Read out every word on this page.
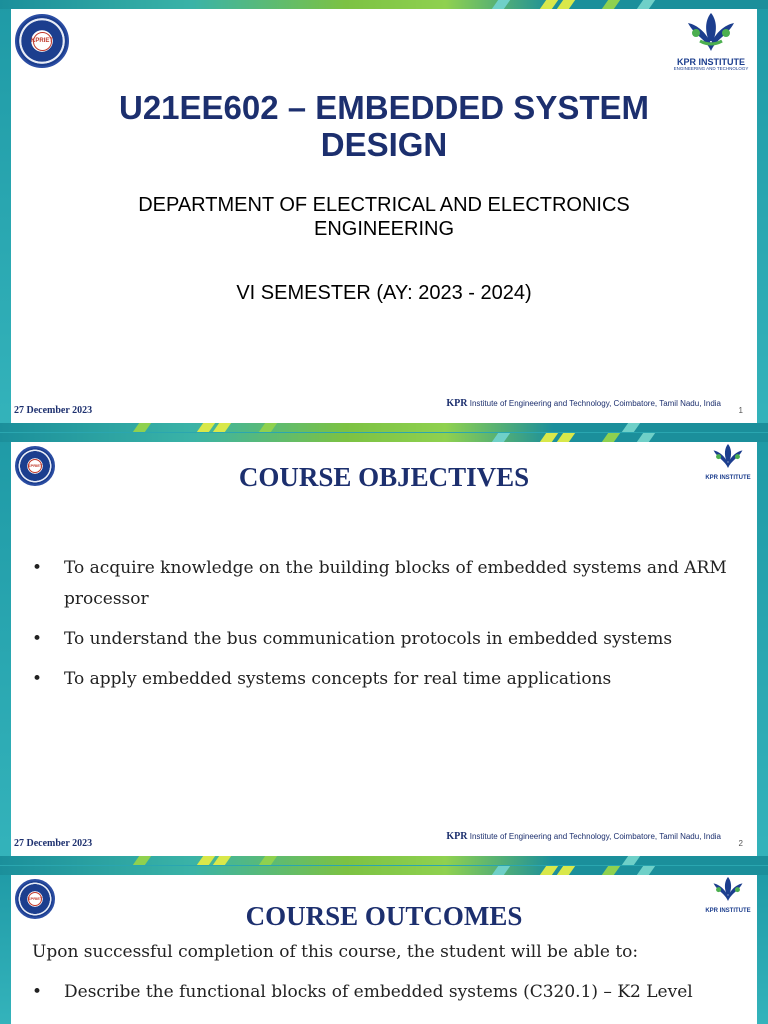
KPRIET
KPR INSTITUTE
ENGINEERING AND TECHNOLOGY
U21EE602 – EMBEDDED SYSTEM
DESIGN
DEPARTMENT OF ELECTRICAL AND ELECTRONICS
ENGINEERING
VI SEMESTER (AY: 2023 - 2024)
27 December 2023
KPR Institute of Engineering and Technology, Coimbatore, Tamil Nadu, India
1
KPRIET
KPR INSTITUTE
COURSE OBJECTIVES
• To acquire knowledge on the building blocks of embedded systems and ARM processor
• To understand the bus communication protocols in embedded systems
• To apply embedded systems concepts for real time applications
27 December 2023
KPR Institute of Engineering and Technology, Coimbatore, Tamil Nadu, India
2
KPRIET
KPR INSTITUTE
COURSE OUTCOMES
Upon successful completion of this course, the student will be able to:
• Describe the functional blocks of embedded systems (C320.1) – K2 Level
